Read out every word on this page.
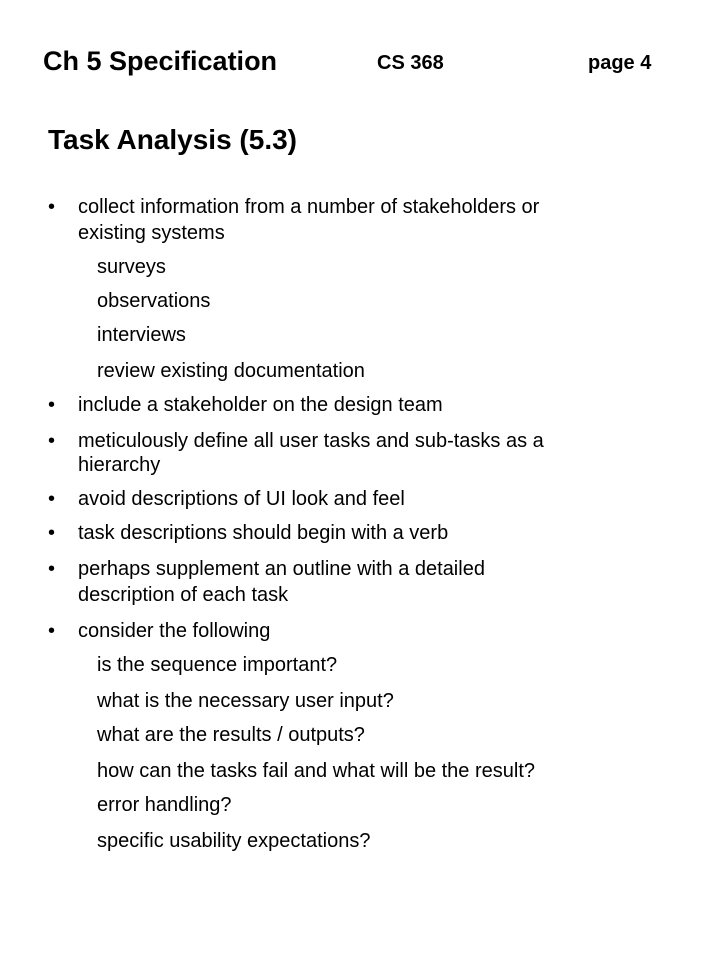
Ch 5 Specification	CS 368	page 4
Task Analysis (5.3)
• collect information from a number of stakeholders or
existing systems
surveys
observations
interviews
review existing documentation
• include a stakeholder on the design team
• meticulously define all user tasks and sub-tasks as a
hierarchy
• avoid descriptions of UI look and feel
• task descriptions should begin with a verb
• perhaps supplement an outline with a detailed
description of each task
• consider the following
is the sequence important?
what is the necessary user input?
what are the results / outputs?
how can the tasks fail and what will be the result?
error handling?
specific usability expectations?
